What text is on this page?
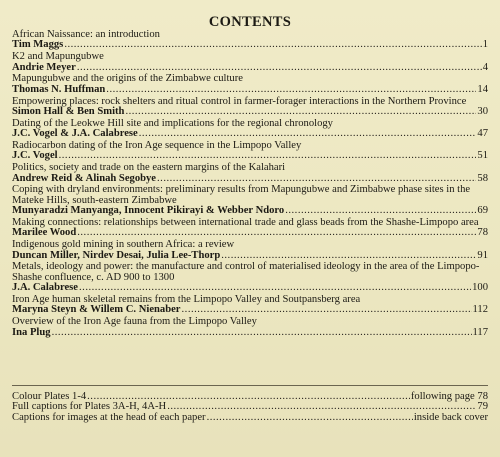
CONTENTS
African Naissance: an introduction
Tim Maggs .....	1
K2 and Mapungubwe
Andrie Meyer .....	4
Mapungubwe and the origins of the Zimbabwe culture
Thomas N. Huffman .....	14
Empowering places: rock shelters and ritual control in farmer-forager interactions in the Northern Province
Simon Hall & Ben Smith .....	30
Dating of the Leokwe Hill site and implications for the regional chronology
J.C. Vogel & J.A. Calabrese .....	47
Radiocarbon dating of the Iron Age sequence in the Limpopo Valley
J.C. Vogel .....	51
Politics, society and trade on the eastern margins of the Kalahari
Andrew Reid & Alinah Segobye .....	58
Coping with dryland environments: preliminary results from Mapungubwe and Zimbabwe phase sites in the Mateke Hills, south-eastern Zimbabwe
Munyaradzi Manyanga, Innocent Pikirayi & Webber Ndoro .....	69
Making connections: relationships between international trade and glass beads from the Shashe-Limpopo area
Marilee Wood .....	78
Indigenous gold mining in southern Africa: a review
Duncan Miller, Nirdev Desai, Julia Lee-Thorp .....	91
Metals, ideology and power: the manufacture and control of materialised ideology in the area of the Limpopo-Shashe confluence, c. AD 900 to 1300
J.A. Calabrese .....	100
Iron Age human skeletal remains from the Limpopo Valley and Soutpansberg area
Maryna Steyn & Willem C. Nienaber .....	112
Overview of the Iron Age fauna from the Limpopo Valley
Ina Plug .....	117
Colour Plates 1-4 .....	following page 78
Full captions for Plates 3A-H, 4A-H .....	79
Captions for images at the head of each paper .....	inside back cover
